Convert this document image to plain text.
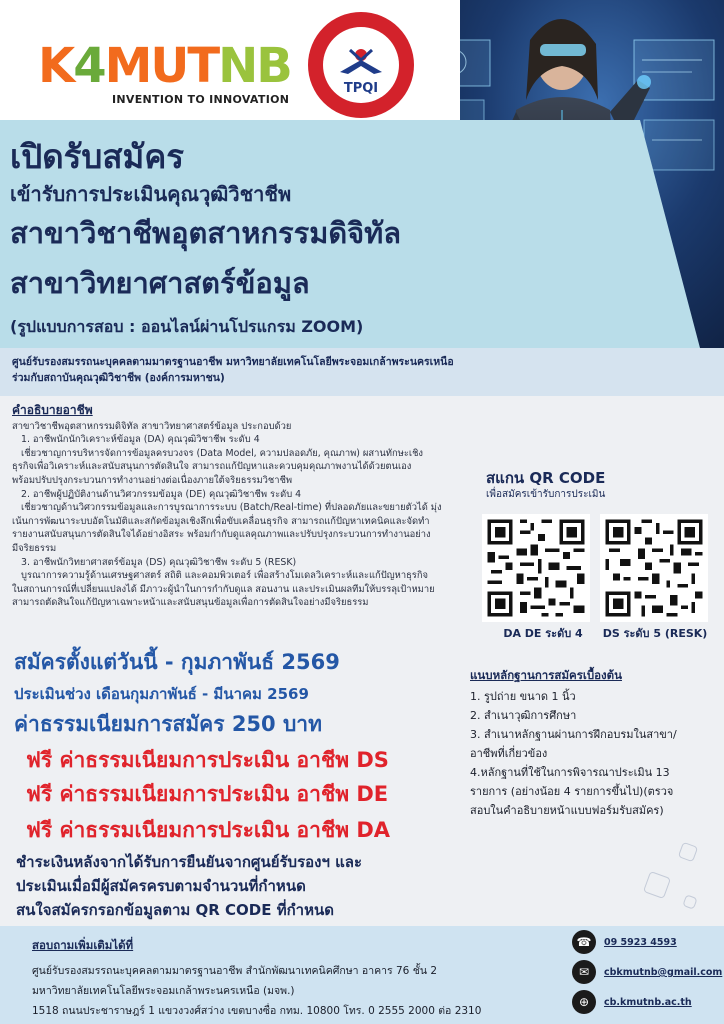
K4MUTNB
INVENTION TO INNOVATION
TPQI
เปิดรับสมัคร
เข้ารับการประเมินคุณวุฒิวิชาชีพ
สาขาวิชาชีพอุตสาหกรรมดิจิทัล
สาขาวิทยาศาสตร์ข้อมูล
(รูปแบบการสอบ : ออนไลน์ผ่านโปรแกรม ZOOM)
ศูนย์รับรองสมรรถนะบุคคลตามมาตรฐานอาชีพ มหาวิทยาลัยเทคโนโลยีพระจอมเกล้าพระนครเหนือ
ร่วมกับสถาบันคุณวุฒิวิชาชีพ (องค์การมหาชน)
คำอธิบายอาชีพ
สาขาวิชาชีพอุตสาหกรรมดิจิทัล สาขาวิทยาศาสตร์ข้อมูล ประกอบด้วย
1. อาชีพนักนักวิเคราะห์ข้อมูล (DA) คุณวุฒิวิชาชีพ ระดับ 4
เชี่ยวชาญการบริหารจัดการข้อมูลครบวงจร (Data Model, ความปลอดภัย, คุณภาพ) ผสานทักษะเชิง
ธุรกิจเพื่อวิเคราะห์และสนับสนุนการตัดสินใจ สามารถแก้ปัญหาและควบคุมคุณภาพงานได้ด้วยตนเอง
พร้อมปรับปรุงกระบวนการทำงานอย่างต่อเนื่องภายใต้จริยธรรมวิชาชีพ
2. อาชีพผู้ปฏิบัติงานด้านวิศวกรรมข้อมูล (DE) คุณวุฒิวิชาชีพ ระดับ 4
เชี่ยวชาญด้านวิศวกรรมข้อมูลและการบูรณาการระบบ (Batch/Real-time) ที่ปลอดภัยและขยายตัวได้ มุ่ง
เน้นการพัฒนาระบบอัตโนมัติและสกัดข้อมูลเชิงลึกเพื่อขับเคลื่อนธุรกิจ สามารถแก้ปัญหาเทคนิคและจัดทำ
รายงานสนับสนุนการตัดสินใจได้อย่างอิสระ พร้อมกำกับดูแลคุณภาพและปรับปรุงกระบวนการทำงานอย่าง
มีจริยธรรม
3. อาชีพนักวิทยาศาสตร์ข้อมูล (DS) คุณวุฒิวิชาชีพ ระดับ 5 (RESK)
บูรณาการความรู้ด้านเศรษฐศาสตร์ สถิติ และคอมพิวเตอร์ เพื่อสร้างโมเดลวิเคราะห์และแก้ปัญหาธุรกิจ
ในสถานการณ์ที่เปลี่ยนแปลงได้ มีภาวะผู้นำในการกำกับดูแล สอนงาน และประเมินผลทีมให้บรรลุเป้าหมาย
สามารถตัดสินใจแก้ปัญหาเฉพาะหน้าและสนับสนุนข้อมูลเพื่อการตัดสินใจอย่างมีจริยธรรม
สแกน QR CODE
เพื่อสมัครเข้ารับการประเมิน
DA DE ระดับ 4	DS ระดับ 5 (RESK)
สมัครตั้งแต่วันนี้ - กุมภาพันธ์ 2569
ประเมินช่วง เดือนกุมภาพันธ์ - มีนาคม 2569
ค่าธรรมเนียมการสมัคร 250 บาท
ฟรี ค่าธรรมเนียมการประเมิน อาชีพ DS
ฟรี ค่าธรรมเนียมการประเมิน อาชีพ DE
ฟรี ค่าธรรมเนียมการประเมิน อาชีพ DA
ชำระเงินหลังจากได้รับการยืนยันจากศูนย์รับรองฯ และ
ประเมินเมื่อมีผู้สมัครครบตามจำนวนที่กำหนด
สนใจสมัครกรอกข้อมูลตาม QR CODE ที่กำหนด
แนบหลักฐานการสมัครเบื้องต้น
1. รูปถ่าย ขนาด 1 นิ้ว
2. สำเนาวุฒิการศึกษา
3. สำเนาหลักฐานผ่านการฝึกอบรมในสาขา/
อาชีพที่เกี่ยวข้อง
4.หลักฐานที่ใช้ในการพิจารณาประเมิน 13
รายการ (อย่างน้อย 4 รายการขึ้นไป)(ตรวจ
สอบในคำอธิบายหน้าแบบฟอร์มรับสมัคร)
สอบถามเพิ่มเติมได้ที่
ศูนย์รับรองสมรรถนะบุคคลตามมาตรฐานอาชีพ สำนักพัฒนาเทคนิคศึกษา อาคาร 76 ชั้น 2
มหาวิทยาลัยเทคโนโลยีพระจอมเกล้าพระนครเหนือ (มจพ.)
1518 ถนนประชาราษฎร์ 1 แขวงวงศ์สว่าง เขตบางซื่อ กทม. 10800 โทร. 0 2555 2000 ต่อ 2310
☎	09 5923 4593
✉	cbkmutnb@gmail.com
⊕	cb.kmutnb.ac.th
